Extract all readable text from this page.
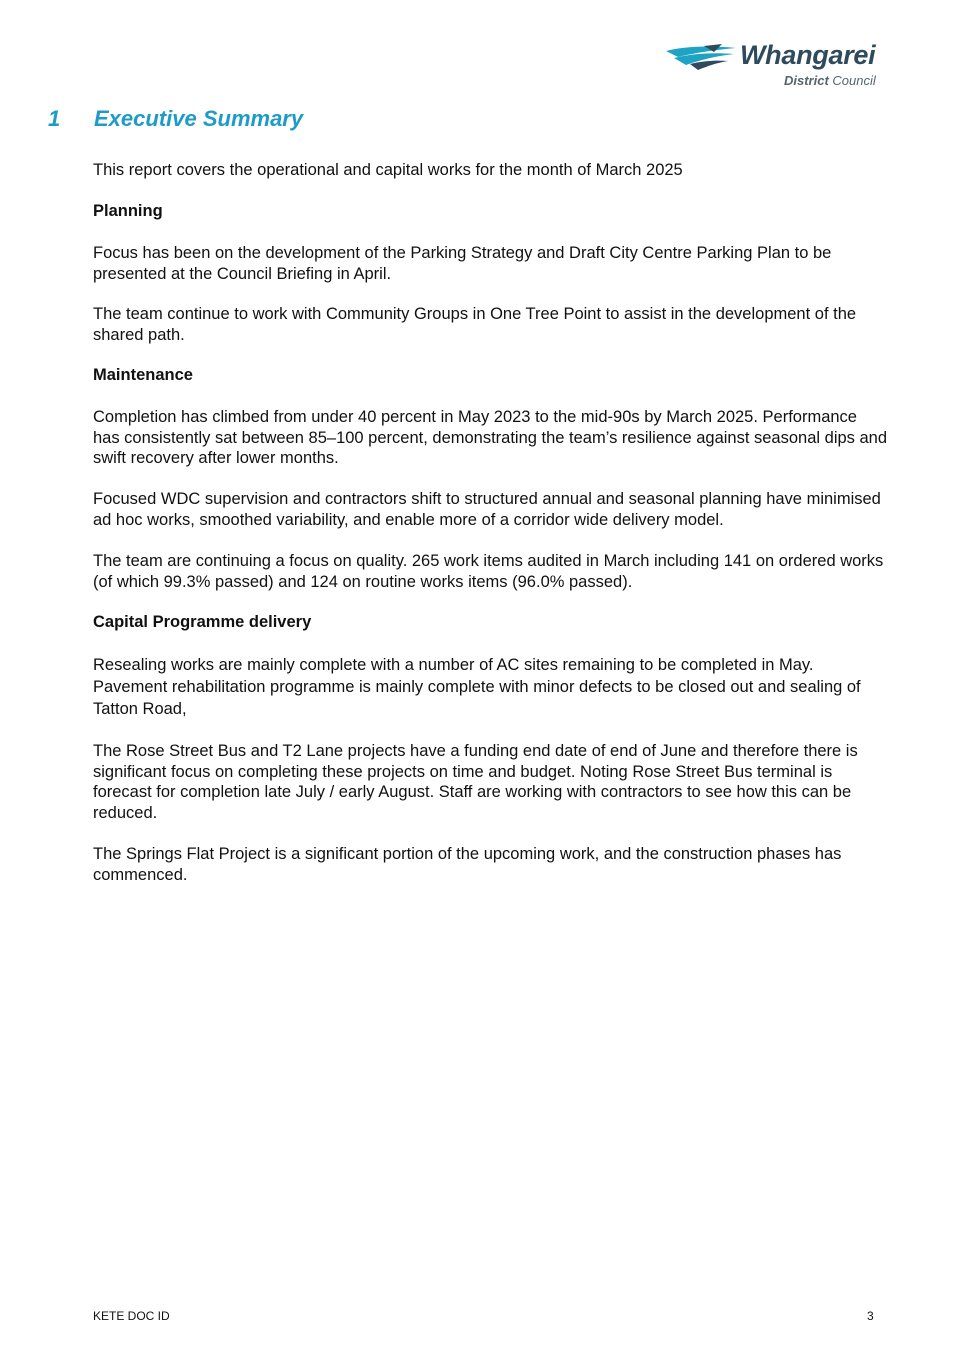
Whangarei
District Council
1 Executive Summary

This report covers the operational and capital works for the month of March 2025

Planning

Focus has been on the development of the Parking Strategy and Draft City Centre Parking Plan to be presented at the Council Briefing in April.

The team continue to work with Community Groups in One Tree Point to assist in the development of the shared path.

Maintenance

Completion has climbed from under 40 percent in May 2023 to the mid-90s by March 2025. Performance has consistently sat between 85–100 percent, demonstrating the team’s resilience against seasonal dips and swift recovery after lower months.

Focused WDC supervision and contractors shift to structured annual and seasonal planning have minimised ad hoc works, smoothed variability, and enable more of a corridor wide delivery model.

The team are continuing a focus on quality. 265 work items audited in March including 141 on ordered works (of which 99.3% passed) and 124 on routine works items (96.0% passed).

Capital Programme delivery

Resealing works are mainly complete with a number of AC sites remaining to be completed in May. Pavement rehabilitation programme is mainly complete with minor defects to be closed out and sealing of Tatton Road,

The Rose Street Bus and T2 Lane projects have a funding end date of end of June and therefore there is significant focus on completing these projects on time and budget. Noting Rose Street Bus terminal is forecast for completion late July / early August. Staff are working with contractors to see how this can be reduced.

The Springs Flat Project is a significant portion of the upcoming work, and the construction phases has commenced.

KETE DOC ID	3
